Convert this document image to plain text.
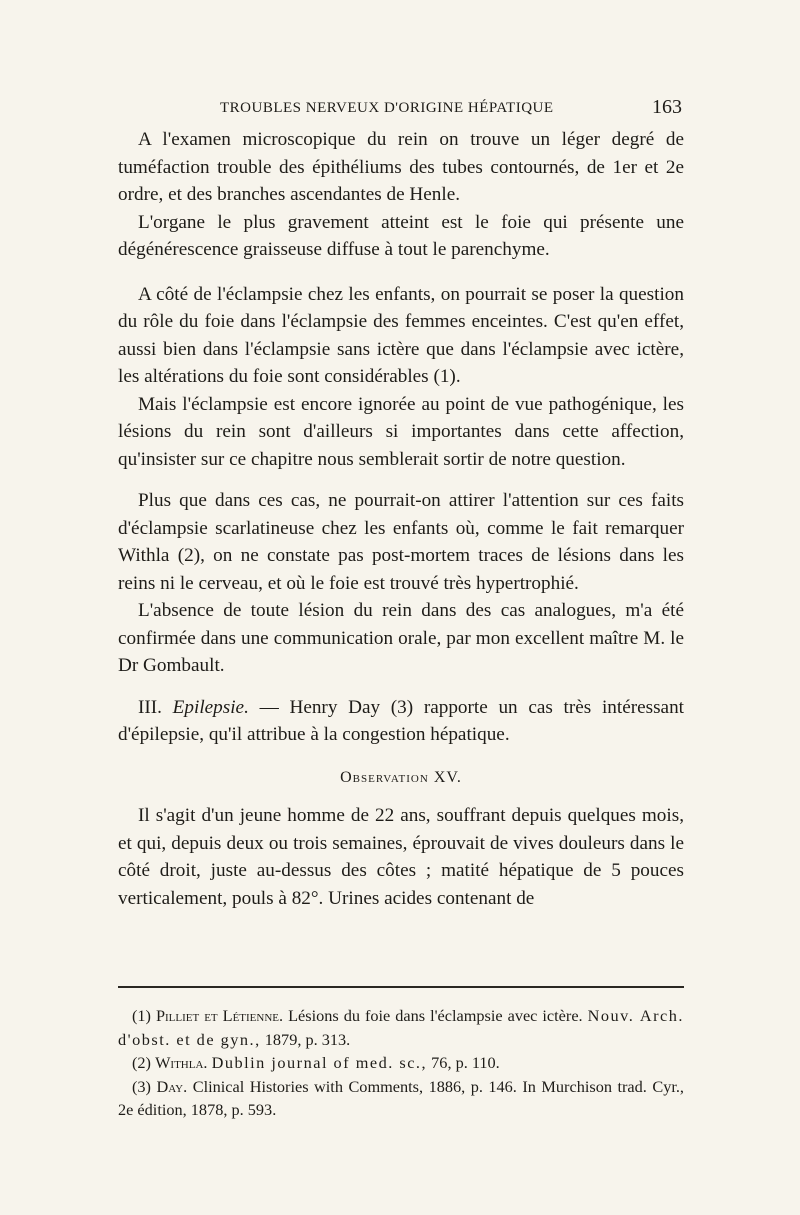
TROUBLES NERVEUX D'ORIGINE HÉPATIQUE	163

A l'examen microscopique du rein on trouve un léger degré de tuméfaction trouble des épithéliums des tubes contournés, de 1er et 2e ordre, et des branches ascendantes de Henle.

L'organe le plus gravement atteint est le foie qui présente une dégénérescence graisseuse diffuse à tout le parenchyme.

A côté de l'éclampsie chez les enfants, on pourrait se poser la question du rôle du foie dans l'éclampsie des femmes enceintes. C'est qu'en effet, aussi bien dans l'éclampsie sans ictère que dans l'éclampsie avec ictère, les altérations du foie sont considérables (1).

Mais l'éclampsie est encore ignorée au point de vue pathogénique, les lésions du rein sont d'ailleurs si importantes dans cette affection, qu'insister sur ce chapitre nous semblerait sortir de notre question.

Plus que dans ces cas, ne pourrait-on attirer l'attention sur ces faits d'éclampsie scarlatineuse chez les enfants où, comme le fait remarquer Withla (2), on ne constate pas post-mortem traces de lésions dans les reins ni le cerveau, et où le foie est trouvé très hypertrophié.

L'absence de toute lésion du rein dans des cas analogues, m'a été confirmée dans une communication orale, par mon excellent maître M. le Dr Gombault.

III. Epilepsie. — Henry Day (3) rapporte un cas très intéressant d'épilepsie, qu'il attribue à la congestion hépatique.

Observation XV.

Il s'agit d'un jeune homme de 22 ans, souffrant depuis quelques mois, et qui, depuis deux ou trois semaines, éprouvait de vives douleurs dans le côté droit, juste au-dessus des côtes ; matité hépatique de 5 pouces verticalement, pouls à 82°. Urines acides contenant de

(1) Pilliet et Létienne. Lésions du foie dans l'éclampsie avec ictère. Nouv. Arch. d'obst. et de gyn., 1879, p. 313.

(2) Withla. Dublin journal of med. sc., 76, p. 110.

(3) Day. Clinical Histories with Comments, 1886, p. 146. In Murchison trad. Cyr., 2e édition, 1878, p. 593.
